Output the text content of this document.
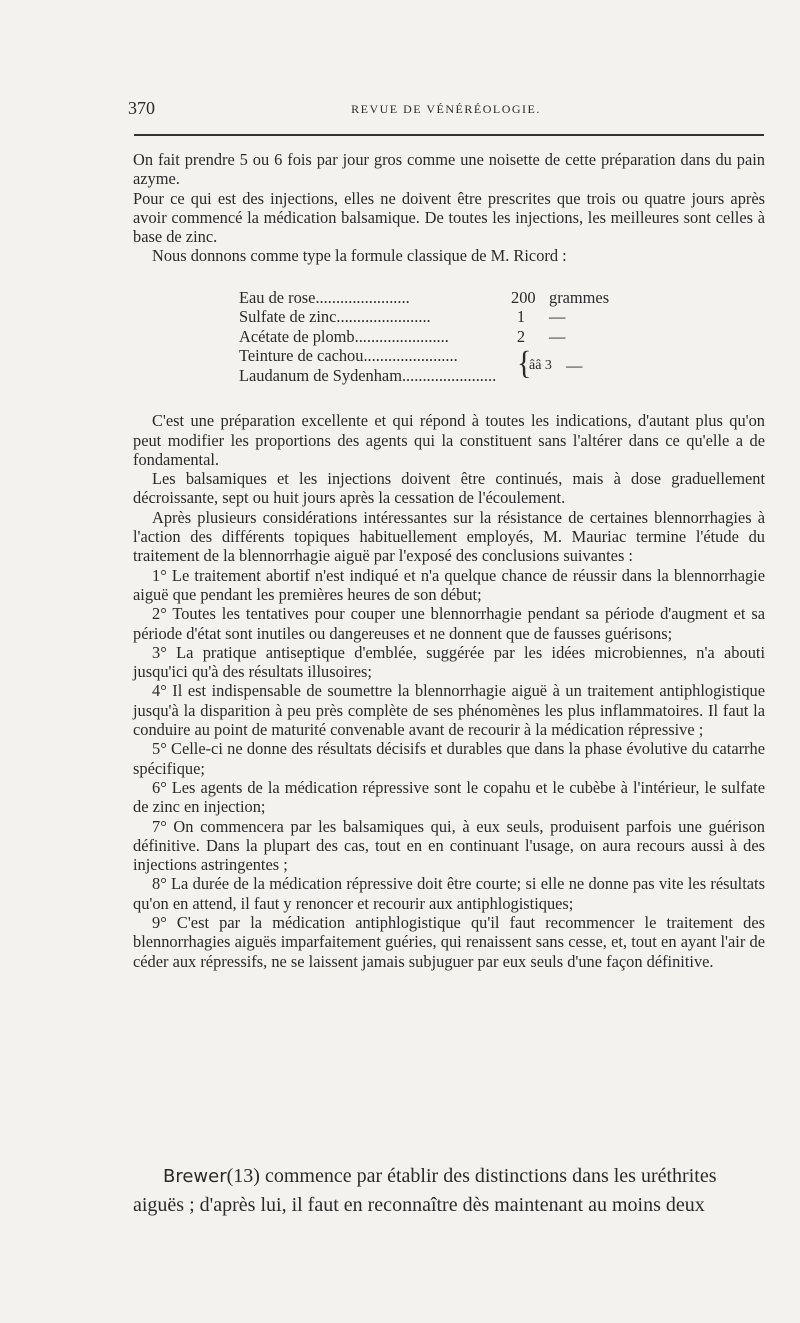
370	REVUE DE VÉNÉRÉOLOGIE.

On fait prendre 5 ou 6 fois par jour gros comme une noisette de cette préparation dans du pain azyme.

Pour ce qui est des injections, elles ne doivent être prescrites que trois ou quatre jours après avoir commencé la médication balsamique. De toutes les injections, les meilleures sont celles à base de zinc.

Nous donnons comme type la formule classique de M. Ricord :

Eau de rose.......................	200 grammes
Sulfate de zinc.......................	1	—
Acétate de plomb.......................	2	—
Teinture de cachou.......................
Laudanum de Sydenham....................... {
ââ 3 —

C'est une préparation excellente et qui répond à toutes les indications, d'autant plus qu'on peut modifier les proportions des agents qui la constituent sans l'altérer dans ce qu'elle a de fondamental.

Les balsamiques et les injections doivent être continués, mais à dose graduellement décroissante, sept ou huit jours après la cessation de l'écoulement.

Après plusieurs considérations intéressantes sur la résistance de certaines blennorrhagies à l'action des différents topiques habituellement employés, M. Mauriac termine l'étude du traitement de la blennorrhagie aiguë par l'exposé des conclusions suivantes :

1° Le traitement abortif n'est indiqué et n'a quelque chance de réussir dans la blennorrhagie aiguë que pendant les premières heures de son début;

2° Toutes les tentatives pour couper une blennorrhagie pendant sa période d'augment et sa période d'état sont inutiles ou dangereuses et ne donnent que de fausses guérisons;

3° La pratique antiseptique d'emblée, suggérée par les idées microbiennes, n'a abouti jusqu'ici qu'à des résultats illusoires;

4° Il est indispensable de soumettre la blennorrhagie aiguë à un traitement antiphlogistique jusqu'à la disparition à peu près complète de ses phénomènes les plus inflammatoires. Il faut la conduire au point de maturité convenable avant de recourir à la médication répressive ;

5° Celle-ci ne donne des résultats décisifs et durables que dans la phase évolutive du catarrhe spécifique;

6° Les agents de la médication répressive sont le copahu et le cubèbe à l'intérieur, le sulfate de zinc en injection;

7° On commencera par les balsamiques qui, à eux seuls, produisent parfois une guérison définitive. Dans la plupart des cas, tout en en continuant l'usage, on aura recours aussi à des injections astringentes ;

8° La durée de la médication répressive doit être courte; si elle ne donne pas vite les résultats qu'on en attend, il faut y renoncer et recourir aux antiphlogistiques;

9° C'est par la médication antiphlogistique qu'il faut recommencer le traitement des blennorrhagies aiguës imparfaitement guéries, qui renaissent sans cesse, et, tout en ayant l'air de céder aux répressifs, ne se laissent jamais subjuguer par eux seuls d'une façon définitive.

Brewer(13) commence par établir des distinctions dans les uréthrites
aiguës ; d'après lui, il faut en reconnaître dès maintenant au moins deux
